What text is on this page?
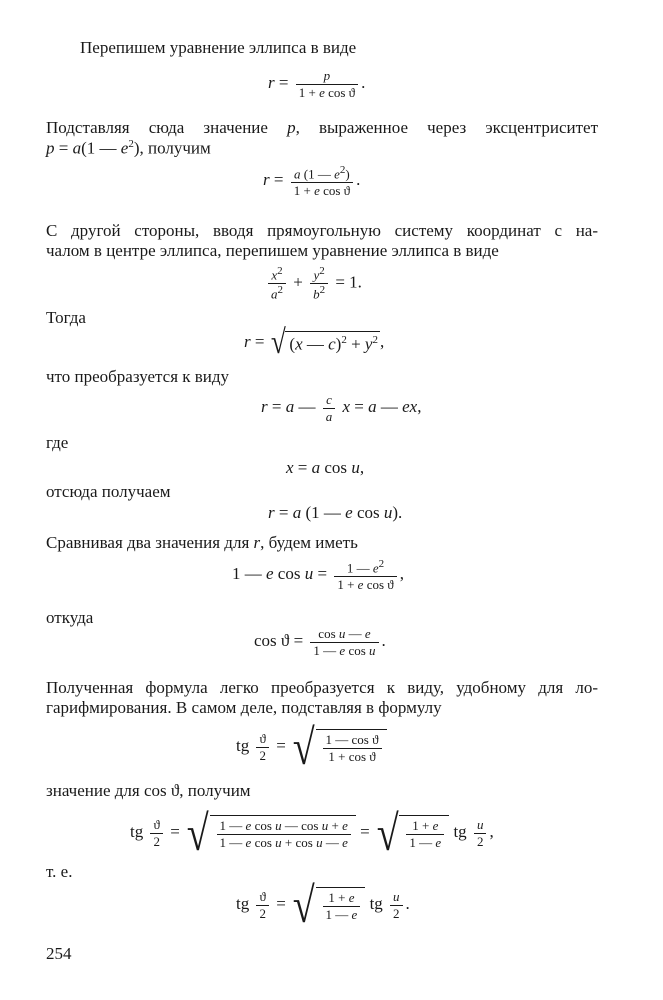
Перепишем уравнение эллипса в виде
$r = \frac{p}{\text{1 + e cos ϑ}}$ .
Подставляя сюда значение p, выраженное через эксцентриситет
p = a(1 — $e^2$), получим
$r = \frac{a (1 — e^2)}{\text{1 + e cos ϑ}}$ .
С другой стороны, вводя прямоугольную систему координат с на-
чалом в центре эллипса, перепишем уравнение эллипса в виде
$\frac{x^2}{a^2} + \frac{y^2}{b^2} = 1$.
Тогда
r = √ (x — $c)^2 + y^2$ ,
что преобразуется к виду
r = a — $\frac{c}{a}$ x = a — ex,
где
x = a cos u,
отсюда получаем
r = a (1 — e cos u).
Сравнивая два значения для r, будем иметь
1 — e $\cos u = \frac{1 — e^2}{\text{1 + e cos ϑ}}$ ,
откуда
$\cos ϑ = \frac{\text{cos u — e}}{\text{1 — e cos u}}$ .
Полученная формула легко преобразуется к виду, удобному для ло-
гарифмирования. В самом деле, подставляя в формулу
tg $\frac{ϑ}{2}$ = √ $\frac{\text{1 — cos ϑ}}{\text{1 + cos ϑ}}$
значение для cos ϑ, получим
tg $\frac{ϑ}{2}$ = √ $\frac{\text{1 — e cos u — cos u + e}}{\text{1 — e cos u + cos u — e}}$ = √ $\frac{1 + e}{1 — e}$ tg $\frac{u}{2}$ ,
т. е.
tg $\frac{ϑ}{2}$ = √ $\frac{1 + e}{1 — e}$ tg $\frac{u}{2}$ .
254
